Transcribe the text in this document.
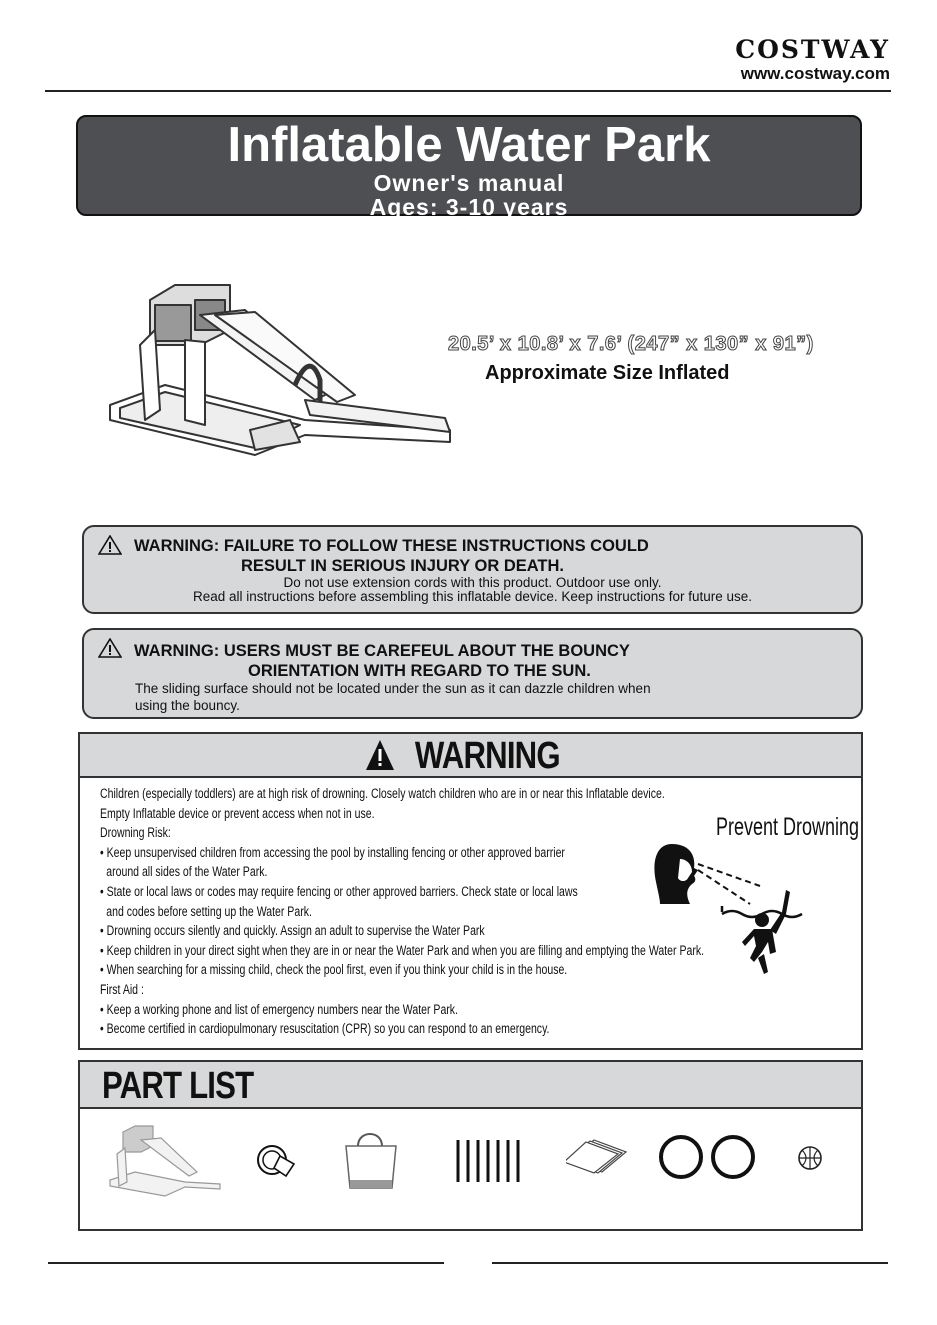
COSTWAY
www.costway.com
Inflatable Water Park
Owner's manual
Ages: 3-10 years
20.5’ x 10.8’ x 7.6’ (247” x 130” x 91”)
Approximate Size Inflated
WARNING: FAILURE TO FOLLOW THESE INSTRUCTIONS COULD
RESULT IN SERIOUS INJURY OR DEATH.
Do not use extension cords with this product. Outdoor use only.
Read all instructions before assembling this inflatable device. Keep instructions for future use.
WARNING: USERS MUST BE CAREFEUL ABOUT THE BOUNCY
ORIENTATION WITH REGARD TO THE SUN.
The sliding surface should not be located under the sun as it can dazzle children when
using the bouncy.
WARNING
Children (especially toddlers) are at high risk of drowning. Closely watch children who are in or near this Inflatable device.
Empty Inflatable device or prevent access when not in use.
Drowning Risk:
• Keep unsupervised children from accessing the pool by installing fencing or other approved barrier
around all sides of the Water Park.
• State or local laws or codes may require fencing or other approved barriers. Check state or local laws
and codes before setting up the Water Park.
• Drowning occurs silently and quickly. Assign an adult to supervise the Water Park
• Keep children in your direct sight when they are in or near the Water Park and when you are filling and emptying the Water Park.
• When searching for a missing child, check the pool first, even if you think your child is in the house.
First Aid :
• Keep a working phone and list of emergency numbers near the Water Park.
• Become certified in cardiopulmonary resuscitation (CPR) so you can respond to an emergency.
Prevent Drowning
PART LIST
